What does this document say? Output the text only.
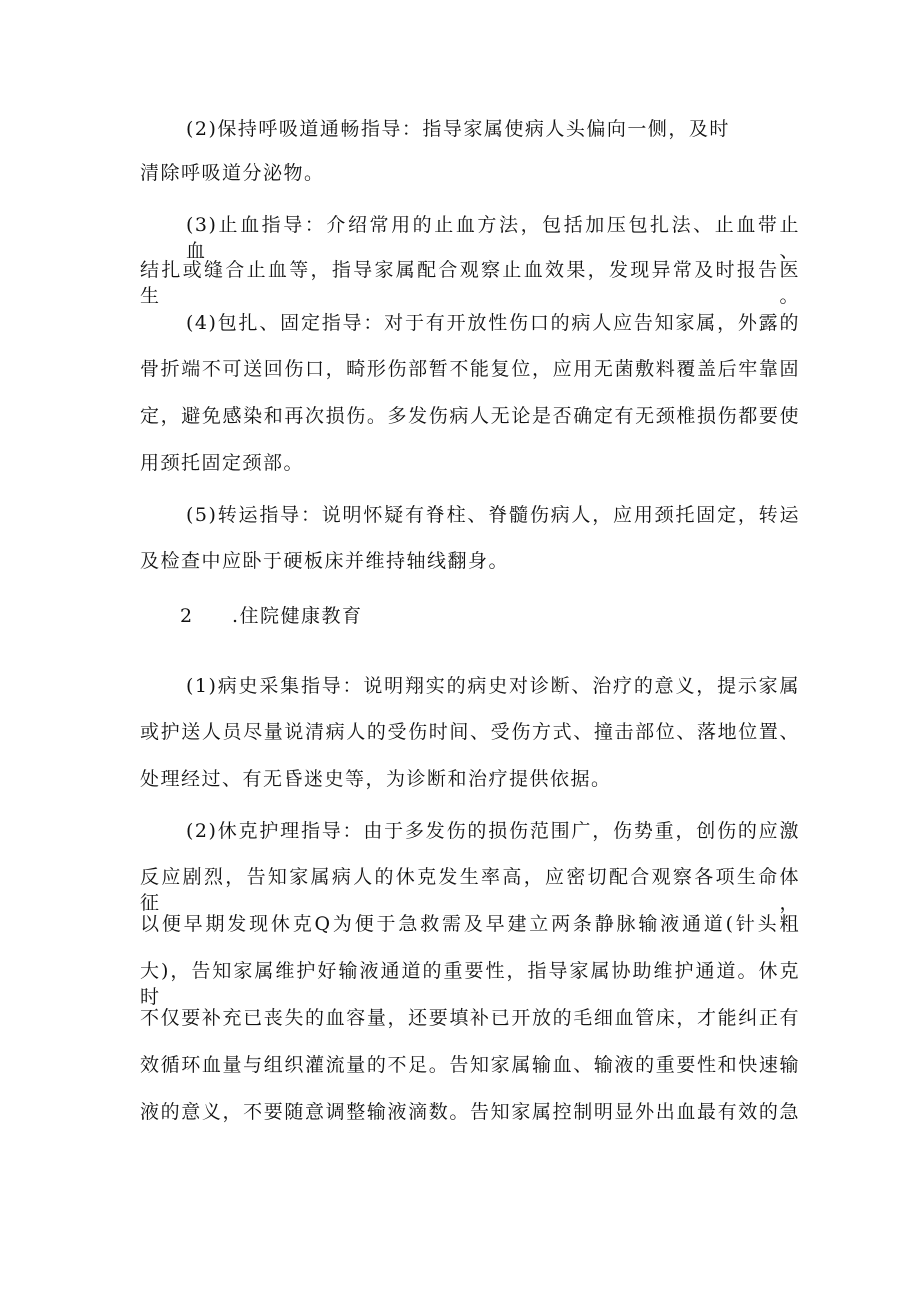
(2)保持呼吸道通畅指导：指导家属使病人头偏向一侧，及时
清除呼吸道分泌物。
(3)止血指导：介绍常用的止血方法，包括加压包扎法、止血带止血、
结扎或缝合止血等，指导家属配合观察止血效果，发现异常及时报告医生。
(4)包扎、固定指导：对于有开放性伤口的病人应告知家属，外露的
骨折端不可送回伤口，畸形伤部暂不能复位，应用无菌敷料覆盖后牢靠固
定，避免感染和再次损伤。多发伤病人无论是否确定有无颈椎损伤都要使
用颈托固定颈部。
(5)转运指导：说明怀疑有脊柱、脊髓伤病人，应用颈托固定，转运
及检查中应卧于硬板床并维持轴线翻身。
2 .住院健康教育
(1)病史采集指导：说明翔实的病史对诊断、治疗的意义，提示家属
或护送人员尽量说清病人的受伤时间、受伤方式、撞击部位、落地位置、
处理经过、有无昏迷史等，为诊断和治疗提供依据。
(2)休克护理指导：由于多发伤的损伤范围广，伤势重，创伤的应激
反应剧烈，告知家属病人的休克发生率高，应密切配合观察各项生命体征，
以便早期发现休克Q为便于急救需及早建立两条静脉输液通道(针头粗
大)，告知家属维护好输液通道的重要性，指导家属协助维护通道。休克时
不仅要补充已丧失的血容量，还要填补已开放的毛细血管床，才能纠正有
效循环血量与组织灌流量的不足。告知家属输血、输液的重要性和快速输
液的意义，不要随意调整输液滴数。告知家属控制明显外出血最有效的急
